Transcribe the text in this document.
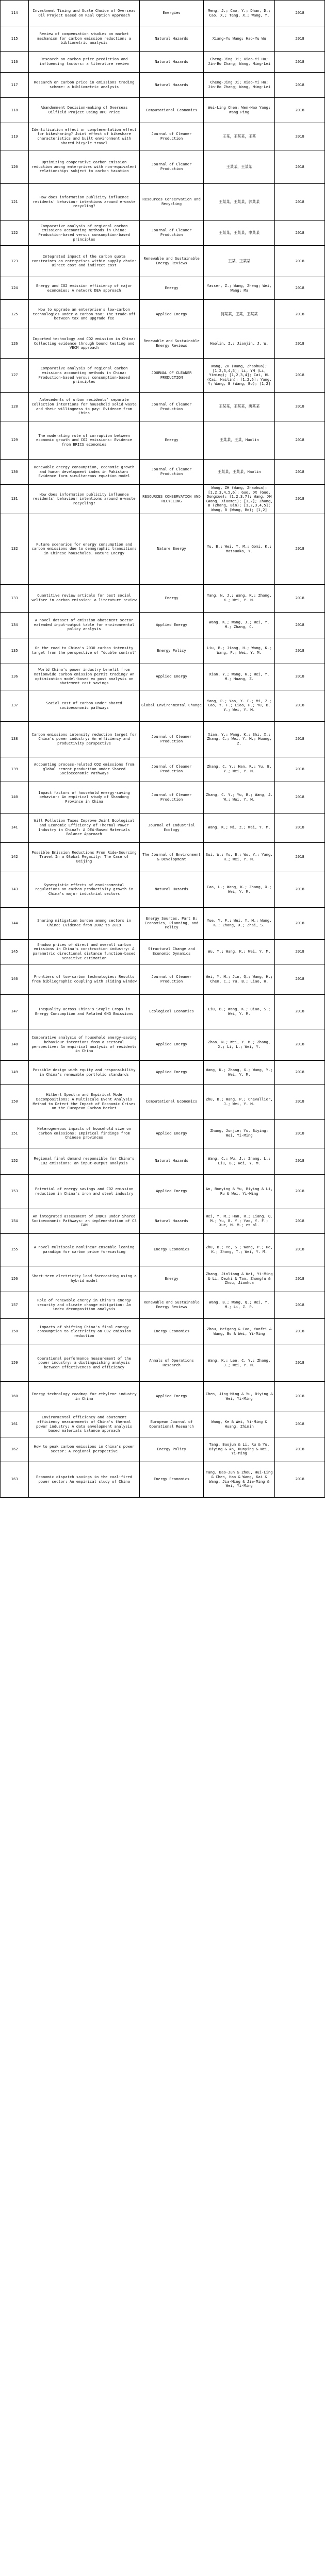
114	Investment Timing and Scale Choice of Overseas Oil Project Based on Real Option Approach	Energies	Meng, J.; Cao, Y.; Dhan, D.; Cao, X.; Teng, X.; Wang, Y.	2018
115	Review of compensation studies on market mechanism for carbon emission reduction: a bibliometric analysis	Natural Hazards	Xiang-Yu Wang; Hao-Yu Wu	2018
116	Research on carbon price prediction and influencing factors: a literature review	Natural Hazards	Cheng-Jing Ji; Xiao-Yi Hu; Jin-Bo Zhang; Wang, Ming-Lei	2018
117	Research on carbon price in emissions trading scheme: a bibliometric analysis	Natural Hazards	Cheng-Jing Ji; Xiao-Yi Hu; Jin-Bo Zhang; Wang, Ming-Lei	2018
118	Abandonment Decision-making of Overseas Oilfield Project Using RPO Price	Computational Economics	Wei-Ling Chen; Wen-Hao Yang; Wang Ping	2018
119	Identification effect or complementation effect for bikesharing? Joint effect of bikeshare characteristics and built environment with shared bicycle travel	Journal of Cleaner Production	王某，王某某，王某	2018
120	Optimizing cooperative carbon emission reduction among enterprises with non-equivalent relationships subject to carbon taxation	Journal of Cleaner Production	王某某，王某某	2018
121	How does information publicity influence residents' behaviour intentions around e-waste recycling?	Resources Conservation and Recycling	王某某，王某某，郭某某	2018
122	Comparative analysis of regional carbon emissions accounting methods in China: Production-based versus consumption-based principles	Journal of Cleaner Production	王某某，王某某，申某某	2018
123	Integrated impact of the carbon quota constraints on enterprises within supply chain: Direct cost and indirect cost	Renewable and Sustainable Energy Reviews	王某，王某某	2018
124	Energy and CO2 emission efficiency of major economies: A network DEA approach	Energy	Yasser, Z.; Wang, Zheng; Wei, Wang; Ma	2018
125	How to upgrade an enterprise's low-carbon technologies under a carbon tax: The trade-off between tax and upgrade fee	Applied Energy	何某某，王某，王某某	2018
126	Imported technology and CO2 emission in China: Collecting evidence through bound testing and VECM approach	Renewable and Sustainable Energy Reviews	Haolin, Z.; Jianjin, J. W.	2018
127	Comparative analysis of regional carbon emissions accounting methods in China: Production-based versus consumption-based principles	JOURNAL OF CLEANER PRODUCTION	Wang, ZH (Wang, Zhaohua); [1,2,3,4,5]; Li, YM (Li, Yiming); [1,2,3,4]; Cai, HL (Cai, Hailin); [1,2,6]; Yang, Y; Wang, B (Wang, Bo); [1,2]	2018
128	Antecedents of urban residents' separate collection intentions for household solid waste and their willingness to pay: Evidence from China	Journal of Cleaner Production	王某某，王某某，唐某某	2018
129	The moderating role of corruption between economic growth and CO2 emissions: Evidence from BRICS economies	Energy	王某某，王某，Haolin	2018
130	Renewable energy consumption, economic growth and human development index in Pakistan: Evidence form simultaneous equation model	Journal of Cleaner Production	王某某，王某某，Haolin	2018
131	How does information publicity influence residents' behaviour intentions around e-waste recycling?	RESOURCES CONSERVATION AND RECYCLING	Wang, ZH (Wang, Zhaohua); [1,2,3,4,5,6]; Guo, DX (Guo, Dongxue); [1,2,3,7]; Wang, XM (Wang, Xiaomei); [1,2]; Zhang, B (Zhang, Bin); [1,2,3,4,5]; Wang, B (Wang, Bo); [1,2]	2018
132	Future scenarios for energy consumption and carbon emissions due to demographic transitions in Chinese households. Nature Energy	Nature Energy	Yu, B.; Wei, Y. M.; Gomi, K.; Matsuoka, Y.	2018
133	Quantitive review articals for best social welfare in carbon emission: a literature review	Energy	Yang, N. J.; Wang, K.; Zhang, X.; Wei, Y. M.	2018
134	A novel dataset of emission abatement sector extended input-output table for environmental policy analysis	Applied Energy	Wang, K.; Wang, J.; Wei, Y. M.; Zhang, C.	2018
135	On the road to China's 2030 carbon intensity target from the perspective of "double control"	Energy Policy	Liu, B.; Jiang, H.; Wang, K.; Wang, P.; Wei, Y. M.	2018
136	World China's power industry benefit from nationwide carbon emission permit trading? An optimization model-based ex post analysis on abatement cost savings	Applied Energy	Xian, Y.; Wang, K.; Wei, Y. M.; Huang, Z.	2018
137	Social cost of carbon under shared socioeconomic pathways	Global Environmental Change	Yang, P.; Yao, Y. F.; Mi, Z.; Cao, Y. F.; Liao, H.; Yu, B. Y.; Wei, Y. M.	2018
138	Carbon emissions intensity reduction target for China's power industry: An efficiency and productivity perspective	Journal of Cleaner Production	Xian, Y.; Wang, K.; Shi, X.; Zhang, C.; Wei, Y. M.; Huang, Z.	2018
139	Accounting process-related CO2 emissions from global cement production under Shared Socioeconomic Pathways	Journal of Cleaner Production	Zhang, C. Y.; Han, R.; Yu, B. Y.; Wei, Y. M.	2018
140	Impact factors of household energy-saving behavior: An empirical study of Shandong Province in China	Journal of Cleaner Production	Zhang, C. Y.; Yu, B.; Wang, J. W.; Wei, Y. M.	2018
141	Will Pollution Taxes Improve Joint Ecological and Economic Efficiency of Thermal Power Industry in China?: A DEA-Based Materials Balance Approach	Journal of Industrial Ecology	Wang, K.; Mi, Z.; Wei, Y. M.	2018
142	Possible Emission Reductions From Ride-Sourcing Travel In a Global Megacity: The Case of Beijing	The Journal of Environment & Development	Sui, W.; Yu, B.; Wu, Y.; Yang, H.; Wei, Y. M.	2018
143	Synergistic effects of environmental regulations on carbon productivity growth in China's major industrial sectors	Natural Hazards	Cao, L.; Wang, K.; Zhang, X.; Wei, Y. M.	2018
144	Sharing mitigation burden among sectors in China: Evidence from 2002 to 2019	Energy Sources, Part B: Economics, Planning, and Policy	Yue, Y. F.; Wei, Y. M.; Wang, K.; Zhang, X.; Zhai, S.	2018
145	Shadow prices of direct and overall carbon emissions in China's construction industry: A parametric directional distance function-based sensitive estimation	Structural Change and Economic Dynamics	Wu, Y.; Wang, K.; Wei, Y. M.	2018
146	Frontiers of low-carbon technologies: Results from bibliographic coupling with sliding window	Journal of Cleaner Production	Wei, Y. M.; Jin, Q.; Wang, H.; Chen, C.; Yu, B.; Liao, H.	2018
147	Inequality across China's Staple Crops in Energy Consumption and Related GHG Emissions	Ecological Economics	Liu, B.; Wang, K.; Qiao, S.; Wei, Y. M.	2018
148	Comparative analysis of household energy-saving behaviour intentions from a sectoral perspective: An empirical analysis of residents in China	Applied Energy	Zhao, N.; Wei, Y. M.; Zhang, X.; Li, L.; Wei, Y.	2018
149	Possible design with equity and responsibility in China's renewable portfolio standards	Applied Energy	Wang, K.; Zhang, X.; Wang, Y.; Wei, Y. M.	2018
150	Hilbert Spectra and Empirical Mode Decompositions: A Multiscale Event Analysis Method to Detect the Impact of Economic Crises on the European Carbon Market	Computational Economics	Zhu, B.; Wang, P.; Chevallier, J.; Wei, Y. M.	2018
151	Heterogeneous impacts of household size on carbon emissions: Empirical findings from Chinese provinces	Applied Energy	Zhang, Junjie; Yu, Biying; Wei, Yi-Ming	2018
152	Regional final demand responsible for China's CO2 emissions: an input-output analysis	Natural Hazards	Wang, C.; Wu, J.; Zhang, L.; Liu, B.; Wei, Y. M.	2018
153	Potential of energy savings and CO2 emission reduction in China's iron and steel industry	Applied Energy	An, Runying & Yu, Biying & Li, Ru & Wei, Yi-Ming	2018
154	An integrated assessment of INDCs under Shared Socioeconomic Pathways: an implementation of C3 IAM	Natural Hazards	Wei, Y. M.; Han, R.; Liang, Q. M.; Yu, B. Y.; Yao, Y. F.; Xue, M. M.; et al.	2018
155	A novel multiscale nonlinear ensemble leaning paradigm for carbon price forecasting	Energy Economics	Zhu, B.; Ye, S.; Wang, P.; He, K.; Zhang, T.; Wei, Y. M.	2018
156	Short-term electricity load forecasting using a hybrid model	Energy	Zhang, Jinliang & Wei, Yi-Ming & Li, Dezhi & Tan, Zhongfu & Zhou, Jianhua	2018
157	Role of renewable energy in China's energy security and climate change mitigation: An index decomposition analysis	Renewable and Sustainable Energy Reviews	Wang, B.; Wang, Q.; Wei, Y. M.; Li, Z. P.	2018
158	Impacts of shifting China's final energy consumption to electricity on CO2 emission reduction	Energy Economics	Zhou, Meigang & Cao, Yunfei & Wang, Bo & Wei, Yi-Ming	2018
159	Operational performance measurement of the power industry: a distinguishing analysis between effectiveness and efficiency	Annals of Operations Research	Wang, K.; Lee, C. Y.; Zhang, J.; Wei, Y. M.	2018
160	Energy technology roadmap for ethylene industry in China	Applied Energy	Chen, Jing-Ming & Yu, Biying & Wei, Yi-Ming	2018
161	Environmental efficiency and abatement efficiency measurements of China's thermal power industry: A data envelopment analysis based materials balance approach	European Journal of Operational Research	Wang, Ke & Wei, Yi-Ming & Huang, Zhimin	2018
162	How to peak carbon emissions in China's power sector: A regional perspective	Energy Policy	Tang, Baojun & Li, Ru & Yu, Biying & An, Runying & Wei, Yi-Ming	2018
163	Economic dispatch savings in the coal-fired power sector: An empirical study of China	Energy Economics	Tang, Bao-Jun & Zhou, Hui-Ling & Chen, Hao & Wang, Kai & Wang, Jia-Ming & Jie-Ming & Wei, Yi-Ming	2018
